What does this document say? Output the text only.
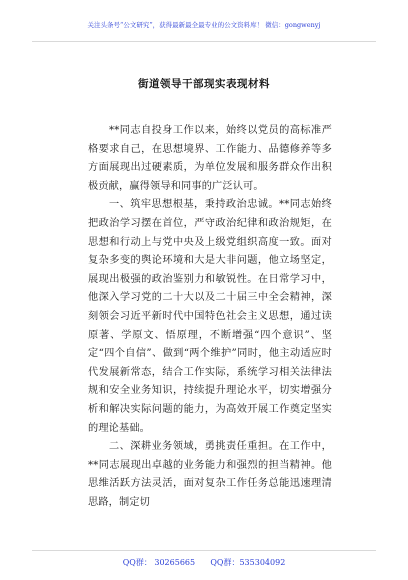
关注头条号“公文研究”，获得最新最全最专业的公文资料库！ 微信：gongwenyj
街道领导干部现实表现材料

**同志自投身工作以来，始终以党员的高标准严格要求自己，在思想境界、工作能力、品德修养等多方面展现出过硬素质，为单位发展和服务群众作出积极贡献，赢得领导和同事的广泛认可。

一、筑牢思想根基，秉持政治忠诚。**同志始终把政治学习摆在首位，严守政治纪律和政治规矩，在思想和行动上与党中央及上级党组织高度一致。面对复杂多变的舆论环境和大是大非问题，他立场坚定，展现出极强的政治鉴别力和敏锐性。在日常学习中，他深入学习党的二十大以及二十届三中全会精神，深刻领会习近平新时代中国特色社会主义思想，通过读原著、学原文、悟原理，不断增强“四个意识”、坚定“四个自信”、做到“两个维护”同时，他主动适应时代发展新常态，结合工作实际，系统学习相关法律法规和安全业务知识，持续提升理论水平，切实增强分析和解决实际问题的能力，为高效开展工作奠定坚实的理论基础。

二、深耕业务领域，勇挑责任重担。在工作中，**同志展现出卓越的业务能力和强烈的担当精神。他思维活跃方法灵活，面对复杂工作任务总能迅速理清思路，制定切

QQ群： 30265665      QQ群：535304092
